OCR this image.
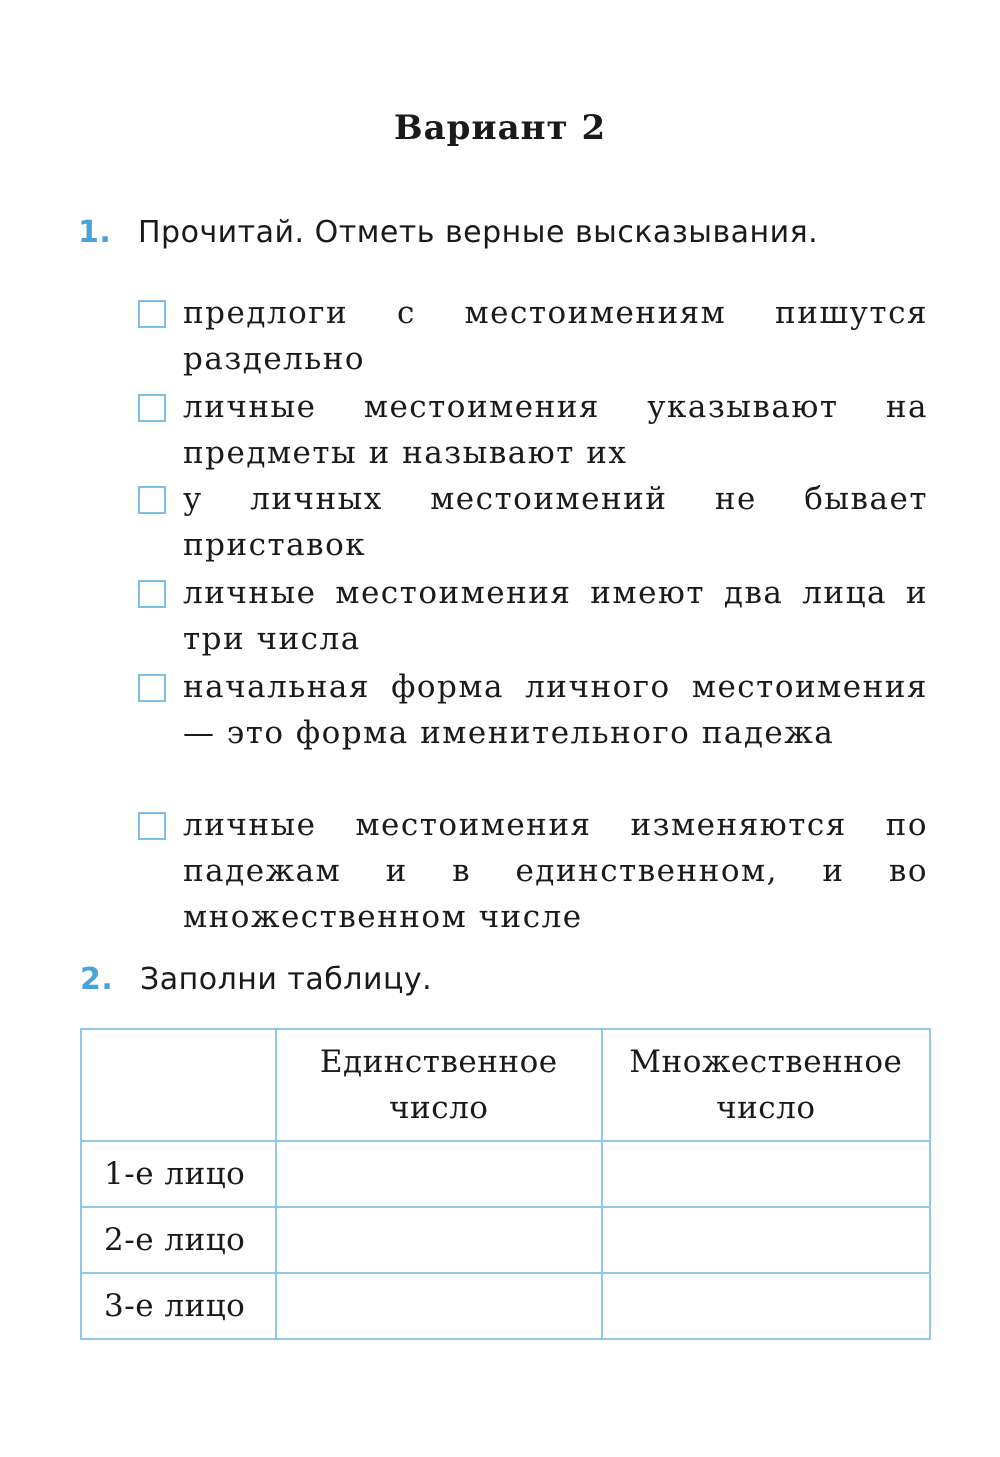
Вариант 2
1. Прочитай. Отметь верные высказывания.
предлоги с местоимениям пишутся раздельно
личные местоимения указывают на предметы и называют их
у личных местоимений не бывает приставок
личные местоимения имеют два лица и три числа
начальная форма личного местоимения — это форма именительного падежа
личные местоимения изменяются по падежам и в единственном, и во множественном числе
2. Заполни таблицу.
	Единственное число	Множественное число
1-е лицо		
2-е лицо		
3-е лицо		
